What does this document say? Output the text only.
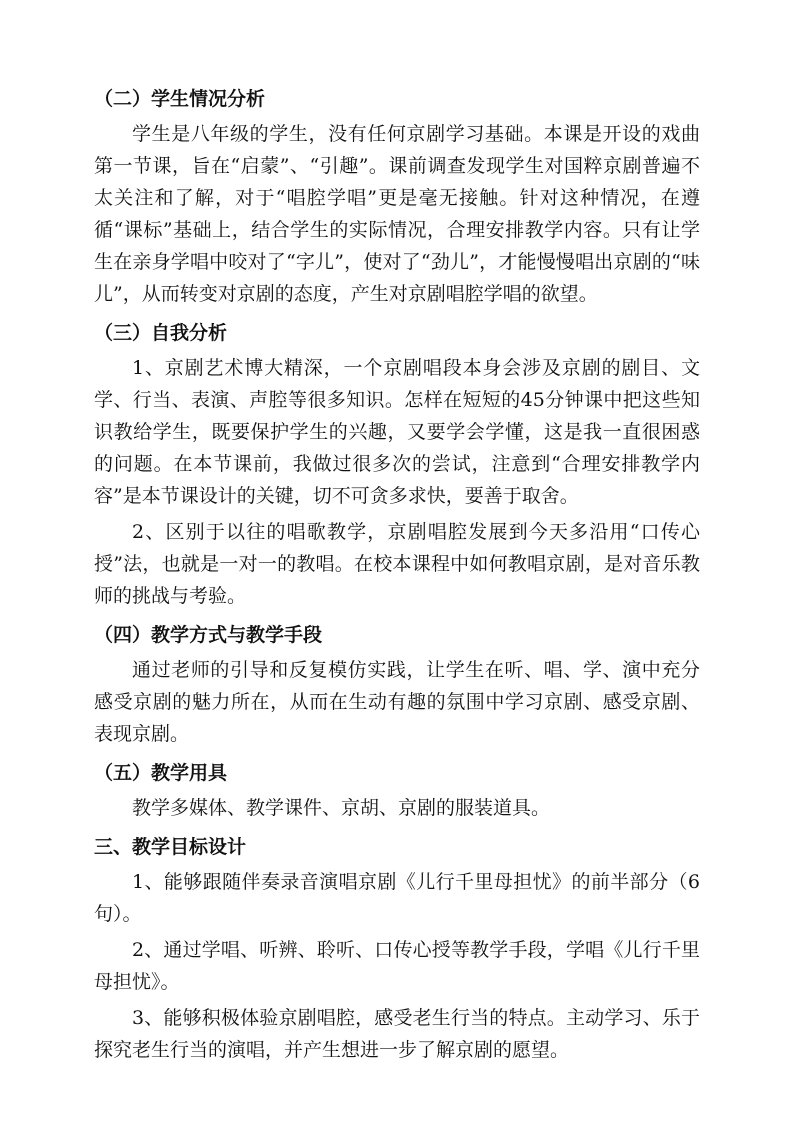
（二）学生情况分析

学生是八年级的学生，没有任何京剧学习基础。本课是开设的戏曲第一节课，旨在“启蒙”、“引趣”。课前调查发现学生对国粹京剧普遍不太关注和了解，对于“唱腔学唱”更是毫无接触。针对这种情况，在遵循“课标”基础上，结合学生的实际情况，合理安排教学内容。只有让学生在亲身学唱中咬对了“字儿”，使对了“劲儿”，才能慢慢唱出京剧的“味儿”，从而转变对京剧的态度，产生对京剧唱腔学唱的欲望。

（三）自我分析

1、京剧艺术博大精深，一个京剧唱段本身会涉及京剧的剧目、文学、行当、表演、声腔等很多知识。怎样在短短的45分钟课中把这些知识教给学生，既要保护学生的兴趣，又要学会学懂，这是我一直很困惑的问题。在本节课前，我做过很多次的尝试，注意到“合理安排教学内容”是本节课设计的关键，切不可贪多求快，要善于取舍。

2、区别于以往的唱歌教学，京剧唱腔发展到今天多沿用“口传心授”法，也就是一对一的教唱。在校本课程中如何教唱京剧，是对音乐教师的挑战与考验。

（四）教学方式与教学手段

通过老师的引导和反复模仿实践，让学生在听、唱、学、演中充分感受京剧的魅力所在，从而在生动有趣的氛围中学习京剧、感受京剧、表现京剧。

（五）教学用具

教学多媒体、教学课件、京胡、京剧的服装道具。

三、教学目标设计

1、能够跟随伴奏录音演唱京剧《儿行千里母担忧》的前半部分（6句）。

2、通过学唱、听辨、聆听、口传心授等教学手段，学唱《儿行千里母担忧》。

3、能够积极体验京剧唱腔，感受老生行当的特点。主动学习、乐于探究老生行当的演唱，并产生想进一步了解京剧的愿望。
